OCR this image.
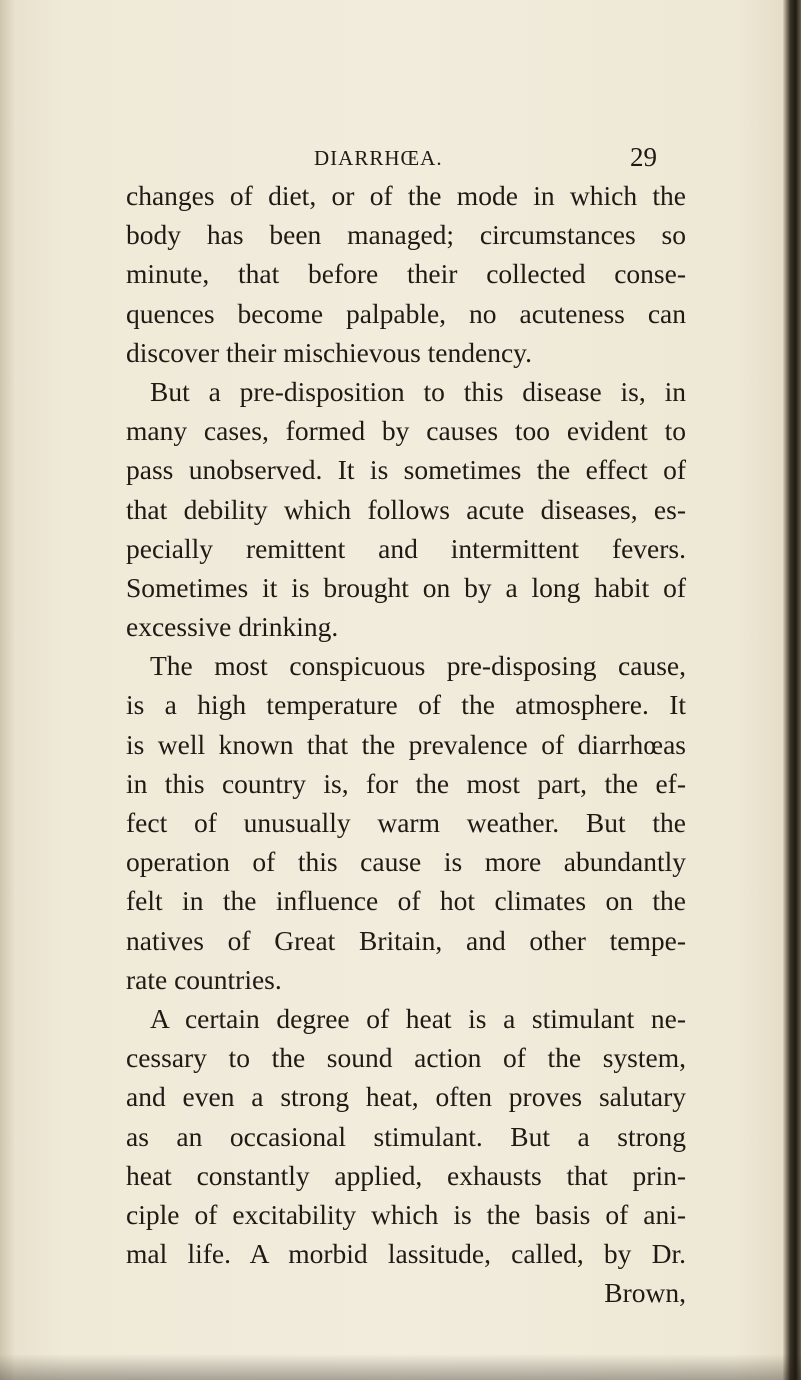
DIARRHŒA.	29
changes of diet, or of the mode in which the
body has been managed; circumstances so
minute, that before their collected conse-
quences become palpable, no acuteness can
discover their mischievous tendency.
But a pre-disposition to this disease is, in
many cases, formed by causes too evident to
pass unobserved. It is sometimes the effect of
that debility which follows acute diseases, es-
pecially remittent and intermittent fevers.
Sometimes it is brought on by a long habit of
excessive drinking.
The most conspicuous pre-disposing cause,
is a high temperature of the atmosphere. It
is well known that the prevalence of diarrhœas
in this country is, for the most part, the ef-
fect of unusually warm weather. But the
operation of this cause is more abundantly
felt in the influence of hot climates on the
natives of Great Britain, and other tempe-
rate countries.
A certain degree of heat is a stimulant ne-
cessary to the sound action of the system,
and even a strong heat, often proves salutary
as an occasional stimulant. But a strong
heat constantly applied, exhausts that prin-
ciple of excitability which is the basis of ani-
mal life. A morbid lassitude, called, by Dr.
Brown,
